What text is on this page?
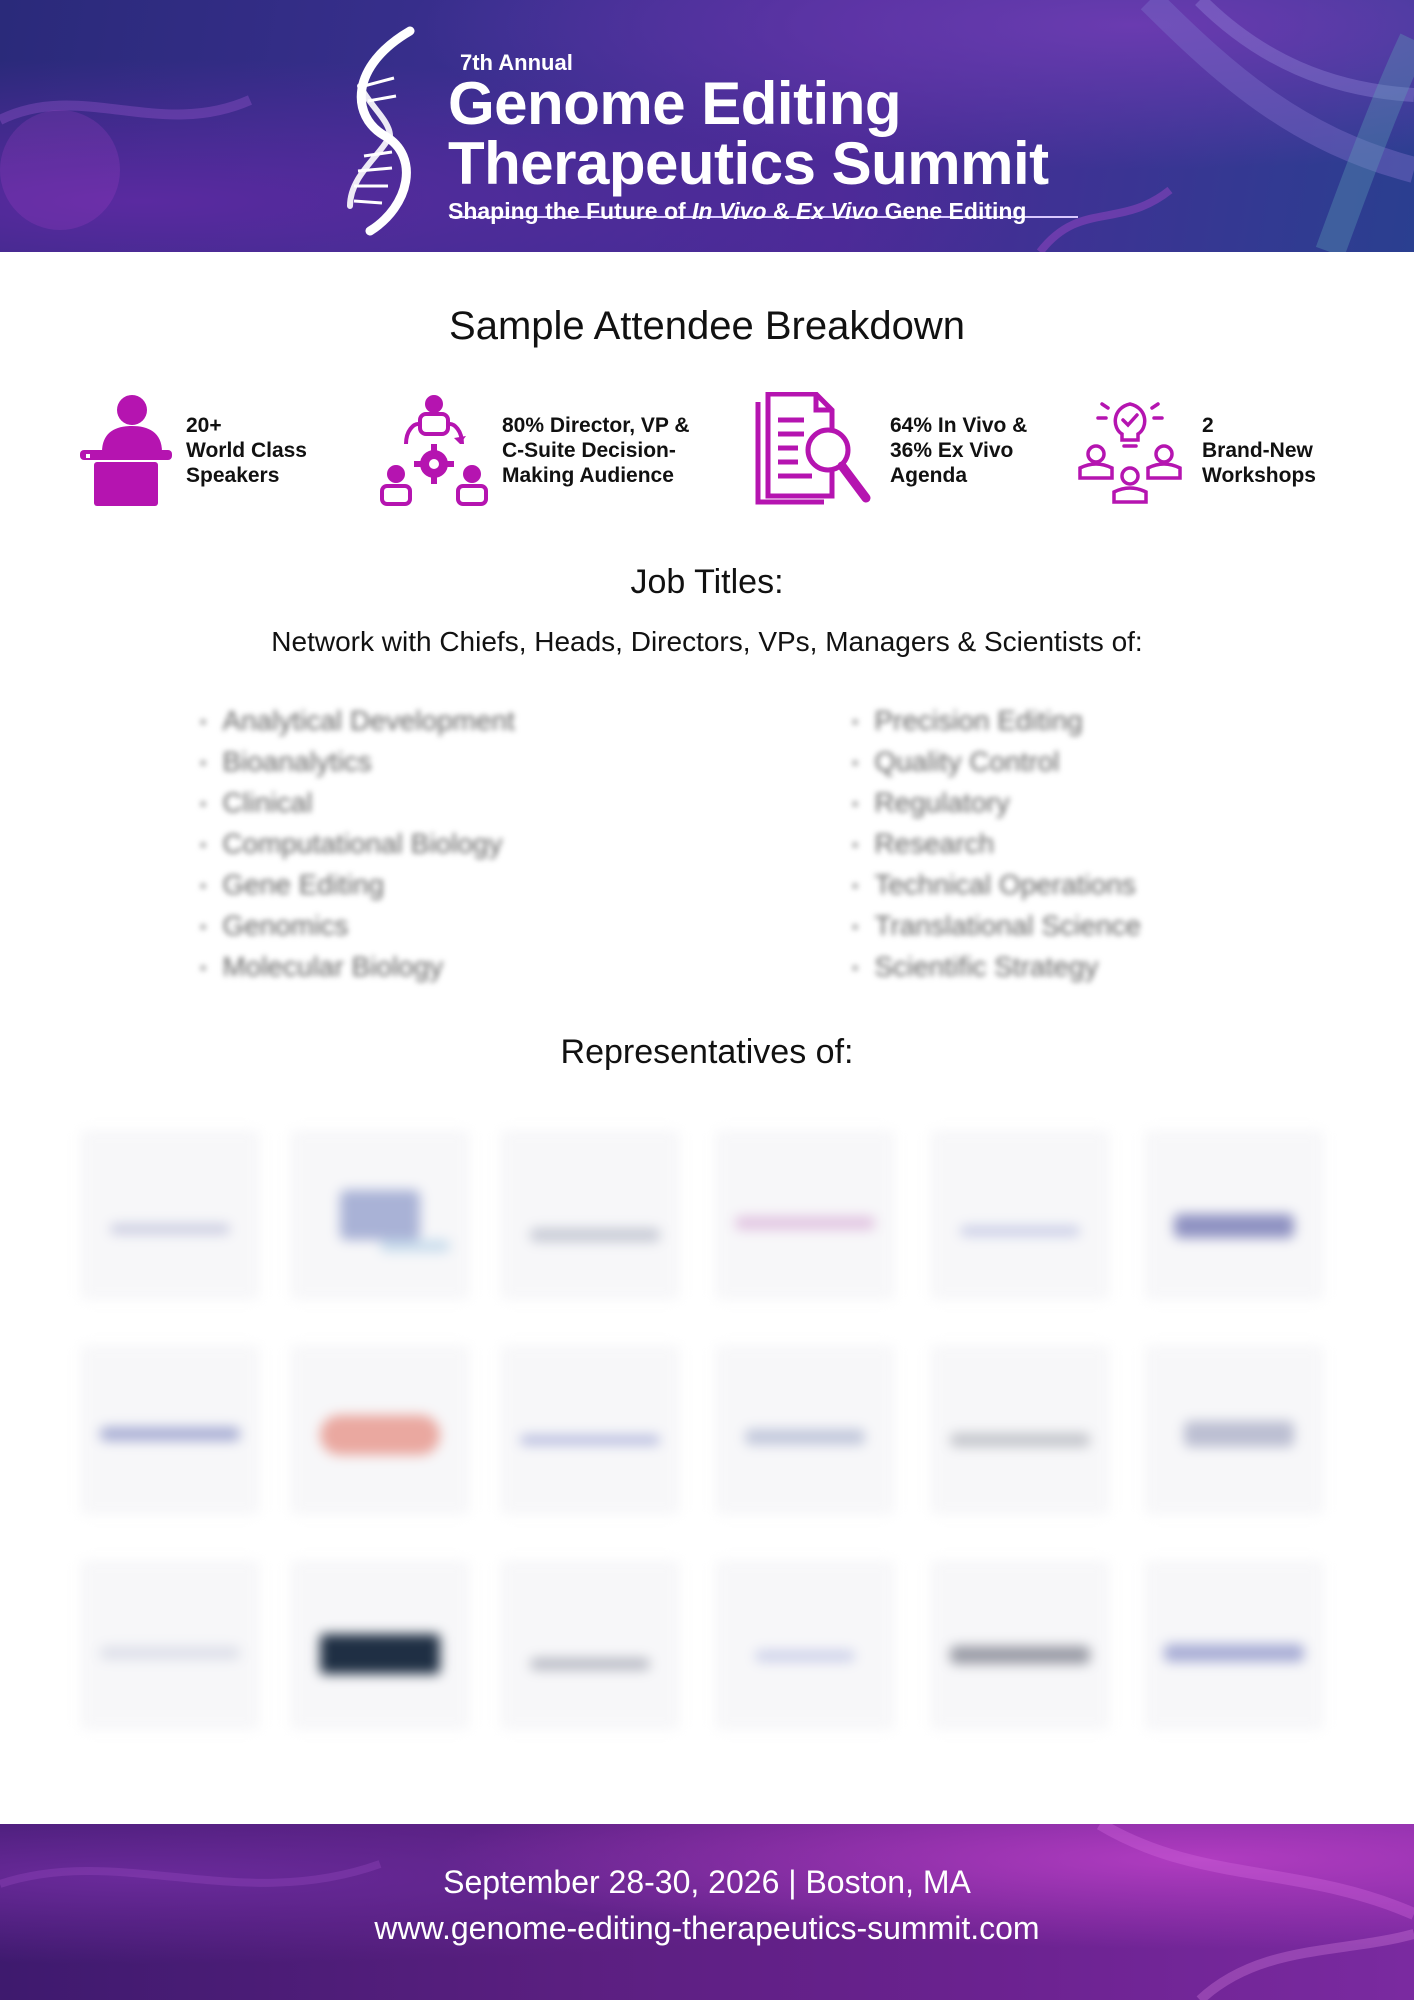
7th Annual
Genome Editing
Therapeutics Summit
Shaping the Future of In Vivo & Ex Vivo Gene Editing
Sample Attendee Breakdown
20+
World Class
Speakers
80% Director, VP &
C-Suite Decision-
Making Audience
64% In Vivo &
36% Ex Vivo
Agenda
2
Brand-New
Workshops
Job Titles:
Network with Chiefs, Heads, Directors, VPs, Managers & Scientists of:
• Analytical Development
• Bioanalytics
• Clinical
• Computational Biology
• Gene Editing
• Genomics
• Molecular Biology
• Precision Editing
• Quality Control
• Regulatory
• Research
• Technical Operations
• Translational Science
• Scientific Strategy
Representatives of:
September 28-30, 2026 | Boston, MA
www.genome-editing-therapeutics-summit.com
